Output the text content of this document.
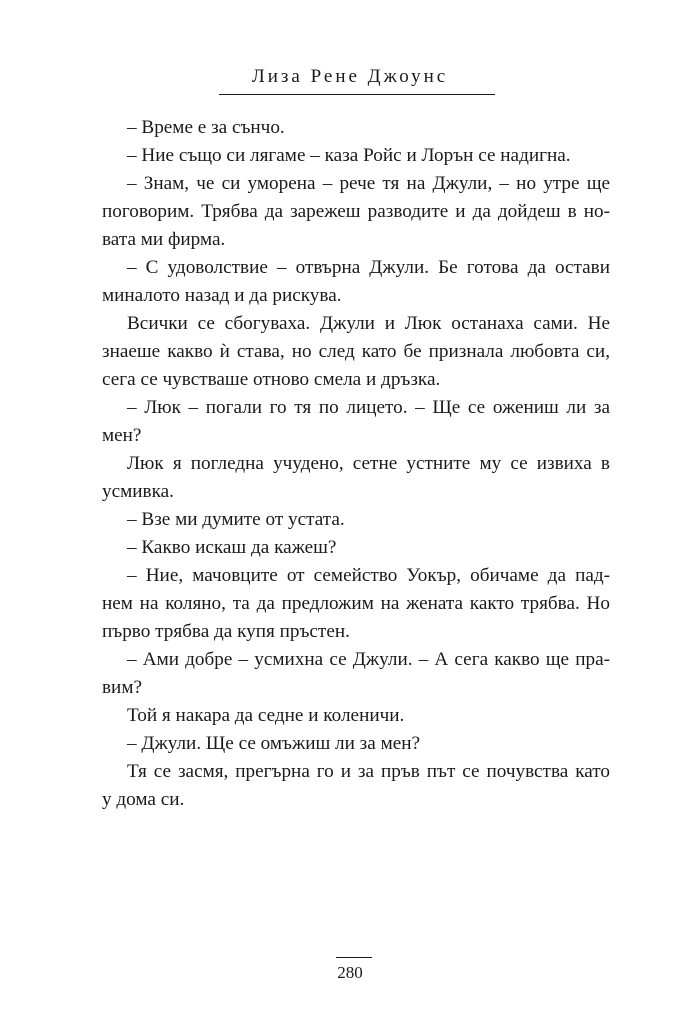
Лиза Рене Джоунс

– Време е за сънчо.

– Ние също си лягаме – каза Ройс и Лорън се надигна.

– Знам, че си уморена – рече тя на Джули, – но утре ще
поговорим. Трябва да зарежеш разводите и да дойдеш в но-
вата ми фирма.

– С удоволствие – отвърна Джули. Бе готова да остави
миналото назад и да рискува.

Всички се сбогуваха. Джули и Люк останаха сами. Не
знаеше какво ѝ става, но след като бе признала любовта си,
сега се чувстваше отново смела и дръзка.

– Люк – погали го тя по лицето. – Ще се ожениш ли за
мен?

Люк я погледна учудено, сетне устните му се извиха в
усмивка.

– Взе ми думите от устата.

– Какво искаш да кажеш?

– Ние, мачовците от семейство Уокър, обичаме да пад-
нем на коляно, та да предложим на жената както трябва. Но
първо трябва да купя пръстен.

– Ами добре – усмихна се Джули. – А сега какво ще пра-
вим?

Той я накара да седне и коленичи.

– Джули. Ще се омъжиш ли за мен?

Тя се засмя, прегърна го и за пръв път се почувства като
у дома си.

280
